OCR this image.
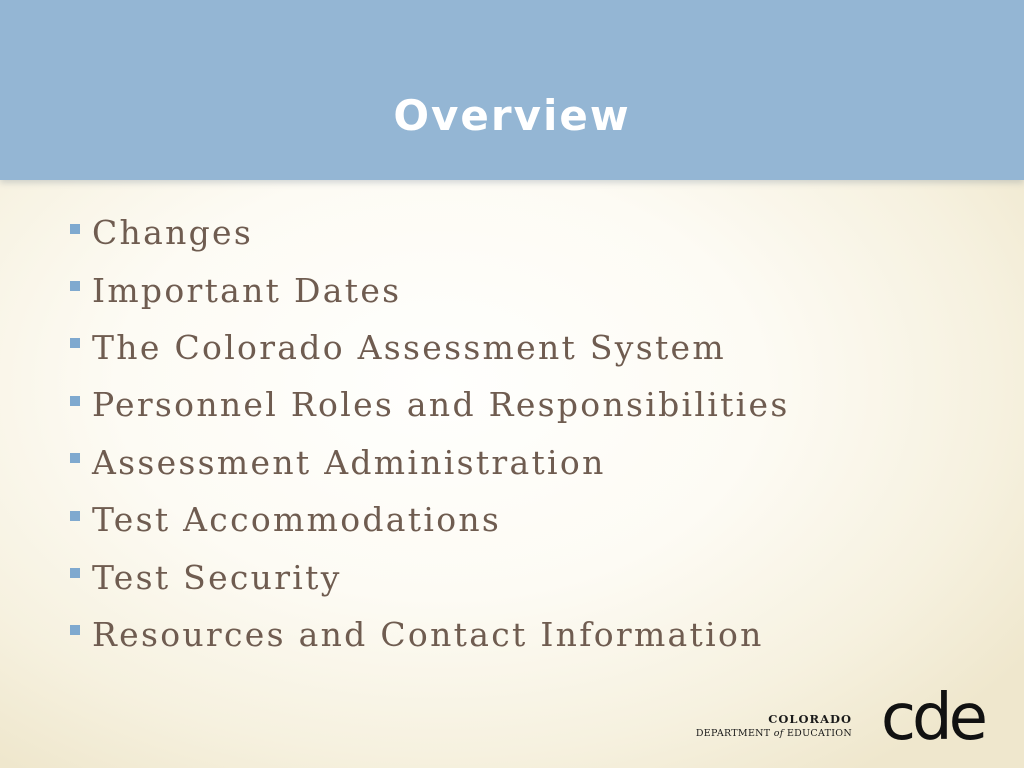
Overview
Changes
Important Dates
The Colorado Assessment System
Personnel Roles and Responsibilities
Assessment Administration
Test Accommodations
Test Security
Resources and Contact Information
COLORADO
DEPARTMENT of EDUCATION cde
